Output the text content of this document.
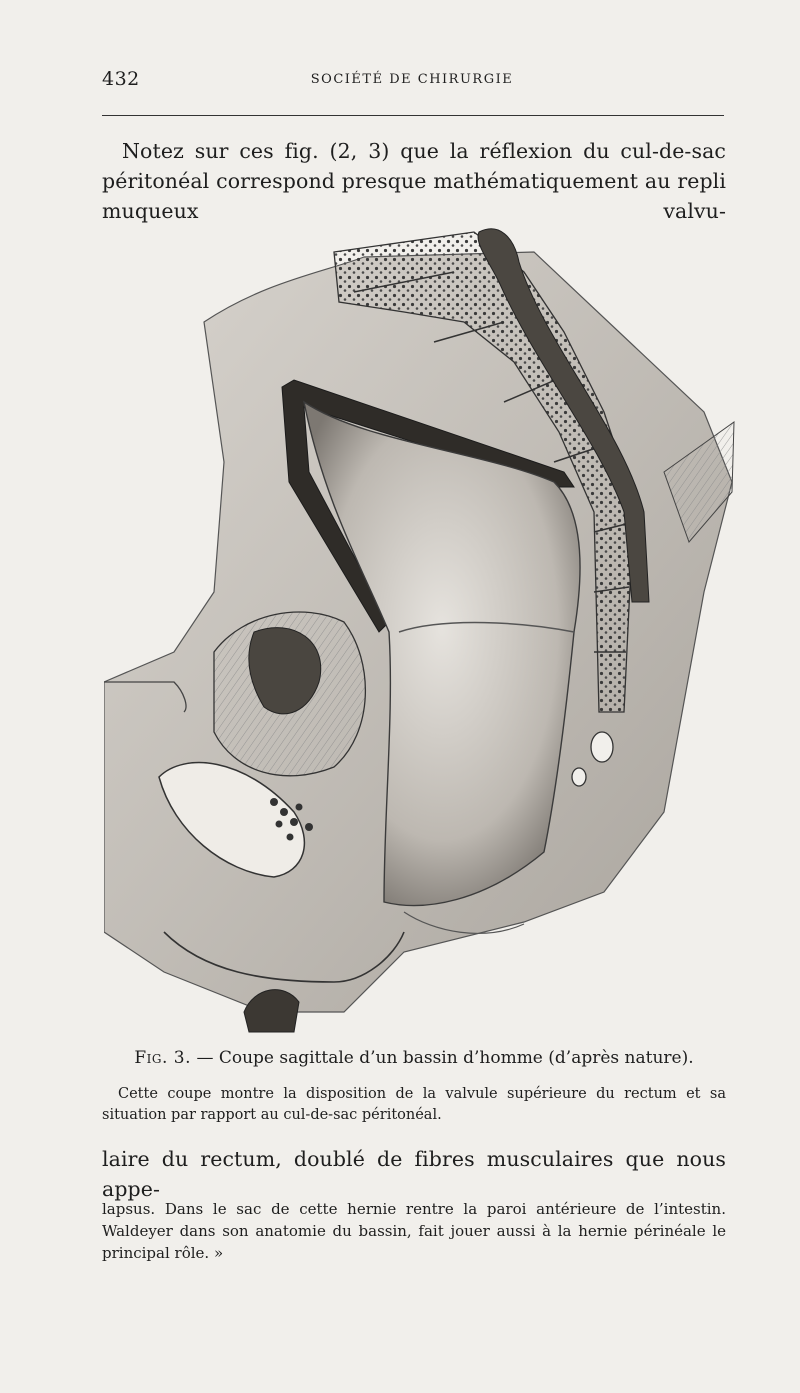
432	SOCIÉTÉ DE CHIRURGIE
Notez sur ces fig. (2, 3) que la réflexion du cul-de-sac péritonéal correspond presque mathématiquement au repli muqueux valvu-
Fig. 3. — Coupe sagittale d’un bassin d’homme (d’après nature).
Cette coupe montre la disposition de la valvule supérieure du rectum et sa situation par rapport au cul-de-sac péritonéal.
laire du rectum, doublé de fibres musculaires que nous appe-
lapsus. Dans le sac de cette hernie rentre la paroi antérieure de l’intestin. Waldeyer dans son anatomie du bassin, fait jouer aussi à la hernie périnéale le principal rôle. »
